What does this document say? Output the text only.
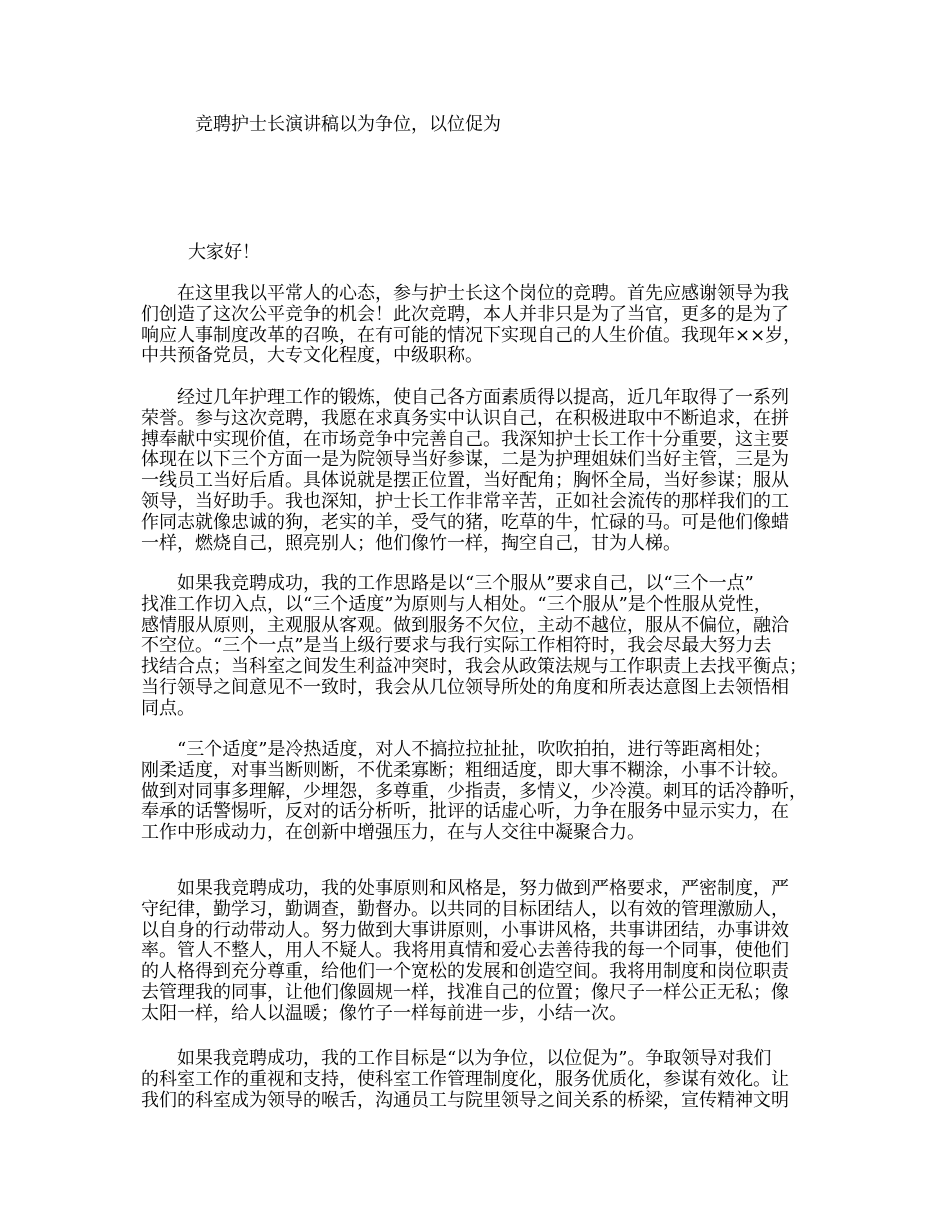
竞聘护士长演讲稿以为争位，以位促为
大家好！
在这里我以平常人的心态，参与护士长这个岗位的竞聘。首先应感谢领导为我
们创造了这次公平竞争的机会！此次竞聘，本人并非只是为了当官，更多的是为了
响应人事制度改革的召唤，在有可能的情况下实现自己的人生价值。我现年××岁，
中共预备党员，大专文化程度，中级职称。
经过几年护理工作的锻炼，使自己各方面素质得以提高，近几年取得了一系列
荣誉。参与这次竞聘，我愿在求真务实中认识自己，在积极进取中不断追求，在拼
搏奉献中实现价值，在市场竞争中完善自己。我深知护士长工作十分重要，这主要
体现在以下三个方面一是为院领导当好参谋，二是为护理姐妹们当好主管，三是为
一线员工当好后盾。具体说就是摆正位置，当好配角；胸怀全局，当好参谋；服从
领导，当好助手。我也深知，护士长工作非常辛苦，正如社会流传的那样我们的工
作同志就像忠诚的狗，老实的羊，受气的猪，吃草的牛，忙碌的马。可是他们像蜡
一样，燃烧自己，照亮别人；他们像竹一样，掏空自己，甘为人梯。
如果我竞聘成功，我的工作思路是以“三个服从”要求自己，以“三个一点”
找准工作切入点，以“三个适度”为原则与人相处。“三个服从”是个性服从党性，
感情服从原则，主观服从客观。做到服务不欠位，主动不越位，服从不偏位，融洽
不空位。“三个一点”是当上级行要求与我行实际工作相符时，我会尽最大努力去
找结合点；当科室之间发生利益冲突时，我会从政策法规与工作职责上去找平衡点；
当行领导之间意见不一致时，我会从几位领导所处的角度和所表达意图上去领悟相
同点。
“三个适度”是冷热适度，对人不搞拉拉扯扯，吹吹拍拍，进行等距离相处；
刚柔适度，对事当断则断，不优柔寡断；粗细适度，即大事不糊涂，小事不计较。
做到对同事多理解，少埋怨，多尊重，少指责，多情义，少冷漠。刺耳的话冷静听，
奉承的话警惕听，反对的话分析听，批评的话虚心听，力争在服务中显示实力，在
工作中形成动力，在创新中增强压力，在与人交往中凝聚合力。
如果我竞聘成功，我的处事原则和风格是，努力做到严格要求，严密制度，严
守纪律，勤学习，勤调查，勤督办。以共同的目标团结人，以有效的管理激励人，
以自身的行动带动人。努力做到大事讲原则，小事讲风格，共事讲团结，办事讲效
率。管人不整人，用人不疑人。我将用真情和爱心去善待我的每一个同事，使他们
的人格得到充分尊重，给他们一个宽松的发展和创造空间。我将用制度和岗位职责
去管理我的同事，让他们像圆规一样，找准自己的位置；像尺子一样公正无私；像
太阳一样，给人以温暖；像竹子一样每前进一步，小结一次。
如果我竞聘成功，我的工作目标是“以为争位，以位促为”。争取领导对我们
的科室工作的重视和支持，使科室工作管理制度化，服务优质化，参谋有效化。让
我们的科室成为领导的喉舌，沟通员工与院里领导之间关系的桥梁，宣传精神文明
